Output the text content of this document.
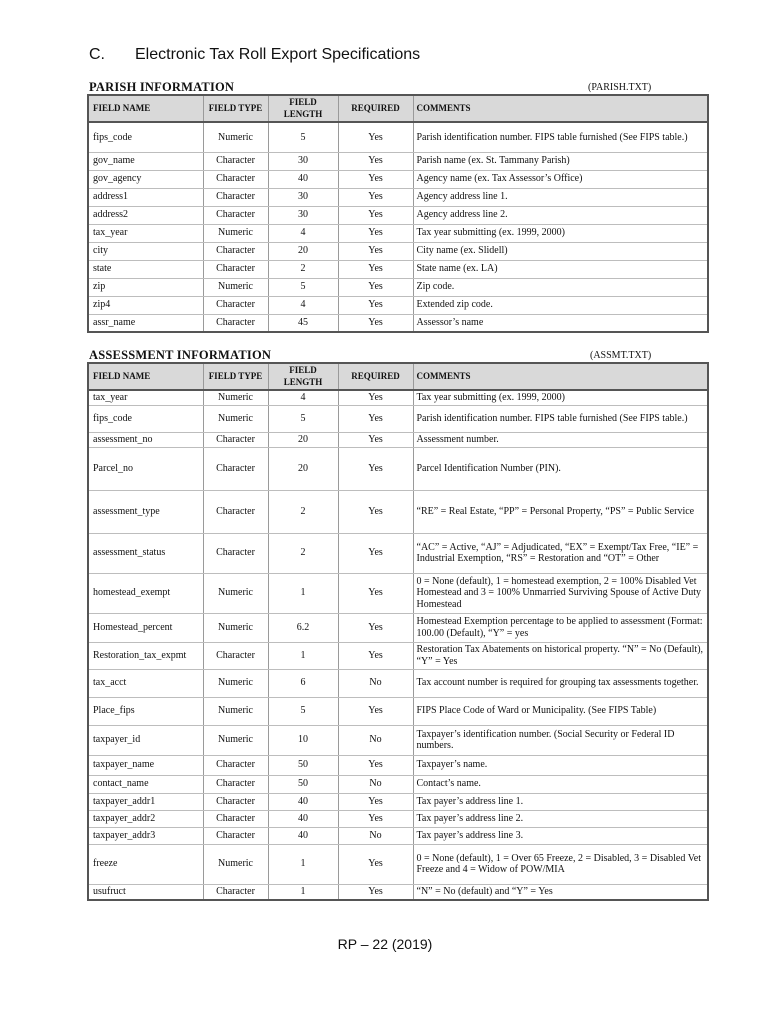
C. Electronic Tax Roll Export Specifications
PARISH INFORMATION	(PARISH.TXT)
FIELD NAME	FIELD TYPE	FIELD LENGTH	REQUIRED	COMMENTS
fips_code	Numeric	5	Yes	Parish identification number. FIPS table furnished (See FIPS table.)
gov_name	Character	30	Yes	Parish name (ex. St. Tammany Parish)
gov_agency	Character	40	Yes	Agency name (ex. Tax Assessor’s Office)
address1	Character	30	Yes	Agency address line 1.
address2	Character	30	Yes	Agency address line 2.
tax_year	Numeric	4	Yes	Tax year submitting (ex. 1999, 2000)
city	Character	20	Yes	City name (ex. Slidell)
state	Character	2	Yes	State name (ex. LA)
zip	Numeric	5	Yes	Zip code.
zip4	Character	4	Yes	Extended zip code.
assr_name	Character	45	Yes	Assessor’s name
ASSESSMENT INFORMATION	(ASSMT.TXT)
FIELD NAME	FIELD TYPE	FIELD LENGTH	REQUIRED	COMMENTS
tax_year	Numeric	4	Yes	Tax year submitting (ex. 1999, 2000)
fips_code	Numeric	5	Yes	Parish identification number. FIPS table furnished (See FIPS table.)
assessment_no	Character	20	Yes	Assessment number.
Parcel_no	Character	20	Yes	Parcel Identification Number (PIN).
assessment_type	Character	2	Yes	“RE” = Real Estate, “PP” = Personal Property, “PS” = Public Service
assessment_status	Character	2	Yes	“AC” = Active, “AJ” = Adjudicated, “EX” = Exempt/Tax Free, “IE” = Industrial Exemption, “RS” = Restoration and “OT” = Other
homestead_exempt	Numeric	1	Yes	0 = None (default), 1 = homestead exemption, 2 = 100% Disabled Vet Homestead and 3 = 100% Unmarried Surviving Spouse of Active Duty Homestead
Homestead_percent	Numeric	6.2	Yes	Homestead Exemption percentage to be applied to assessment (Format: 100.00 (Default), “Y” = yes
Restoration_tax_expmt	Character	1	Yes	Restoration Tax Abatements on historical property. “N” = No (Default), “Y” = Yes
tax_acct	Numeric	6	No	Tax account number is required for grouping tax assessments together.
Place_fips	Numeric	5	Yes	FIPS Place Code of Ward or Municipality. (See FIPS Table)
taxpayer_id	Numeric	10	No	Taxpayer’s identification number. (Social Security or Federal ID numbers.
taxpayer_name	Character	50	Yes	Taxpayer’s name.
contact_name	Character	50	No	Contact’s name.
taxpayer_addr1	Character	40	Yes	Tax payer’s address line 1.
taxpayer_addr2	Character	40	Yes	Tax payer’s address line 2.
taxpayer_addr3	Character	40	No	Tax payer’s address line 3.
freeze	Numeric	1	Yes	0 = None (default), 1 = Over 65 Freeze, 2 = Disabled, 3 = Disabled Vet Freeze and 4 = Widow of POW/MIA
usufruct	Character	1	Yes	“N” = No (default) and “Y” = Yes
RP – 22 (2019)
